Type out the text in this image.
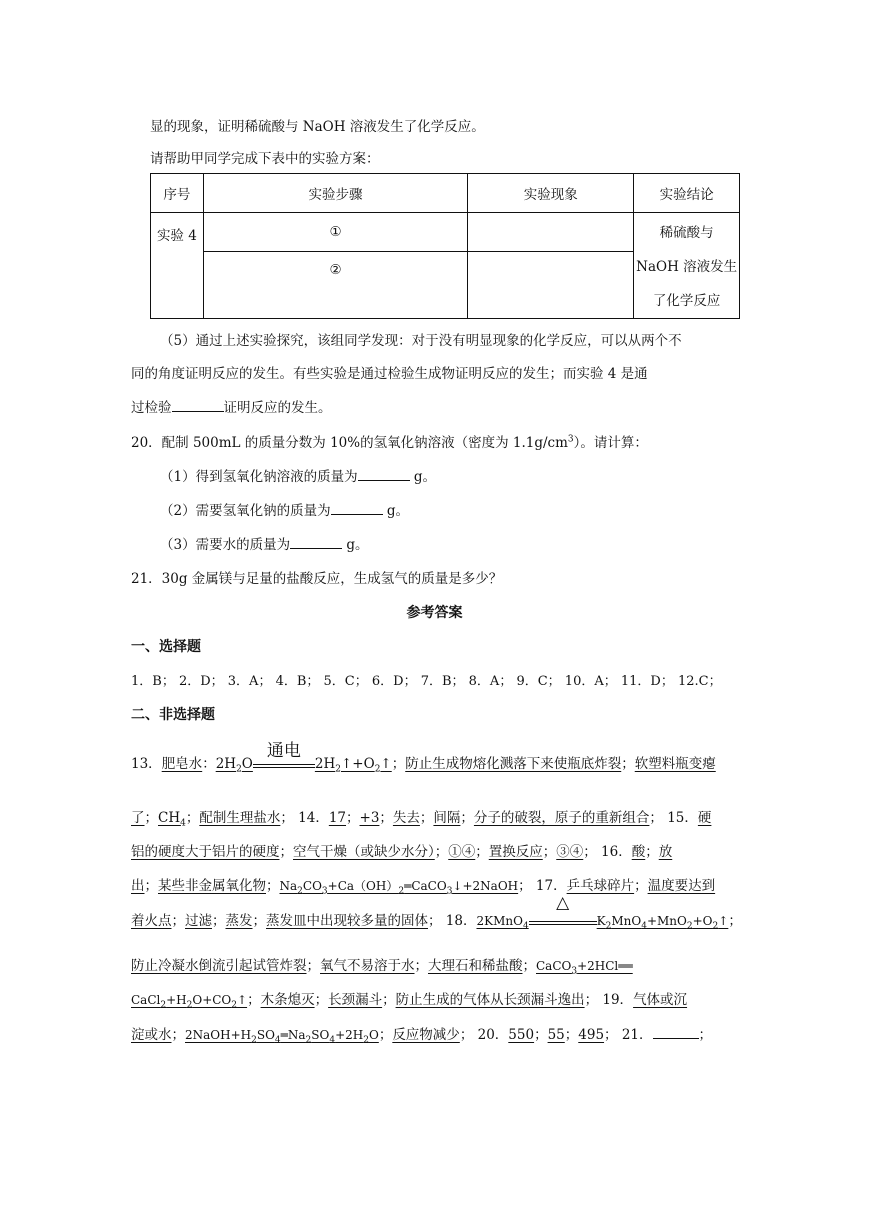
显的现象，证明稀硫酸与 NaOH 溶液发生了化学反应。
请帮助甲同学完成下表中的实验方案：
序号	实验步骤	实验现象	实验结论
实验 4	①		稀硫酸与
NaOH 溶液发生
了化学反应

	②		
（5）通过上述实验探究，该组同学发现：对于没有明显现象的化学反应，可以从两个不
同的角度证明反应的发生。有些实验是通过检验生成物证明反应的发生；而实验 4 是通
过检验	证明反应的发生。
20．配制 500mL 的质量分数为 10%的氢氧化钠溶液（密度为 $1.1g/cm^3$）。请计算：
（1）得到氢氧化钠溶液的质量为	g。
（2）需要氢氧化钠的质量为	g。
（3）需要水的质量为	g。
21．30g 金属镁与足量的盐酸反应，生成氢气的质量是多少？
参考答案
一、选择题
1．B； 2．D； 3．A； 4．B； 5．C； 6．D； 7．B； 8．A； 9．C； 10．A； 11．D； 12.C；
二、非选择题
13．肥皂水：$2H_2O$
通电
$2H_2↑+O_2↑$；防止生成物熔化溅落下来使瓶底炸裂；软塑料瓶变瘪
了；$CH_4$；配制生理盐水； 14．17；+3；失去；间隔；分子的破裂，原子的重新组合； 15．硬
铝的硬度大于铝片的硬度；空气干燥（或缺少水分）；①④；置换反应；③④； 16．酸；放
出；某些非金属氧化物；$Na_2CO_3+Ca(OH)_2═CaCO_3↓+2NaOH$； 17．乒乓球碎片；温度要达到
着火点；过滤；蒸发；蒸发皿中出现较多量的固体； 18．2KMnO$_4$
△
$K_2MnO_4+MnO_2+O_2↑$；
防止冷凝水倒流引起试管炸裂；氧气不易溶于水；大理石和稀盐酸；CaCO$_3$+2HCl══
$CaCl_2+H_2O+CO_2↑$；木条熄灭；长颈漏斗；防止生成的气体从长颈漏斗逸出； 19．气体或沉
淀或水；$2NaOH+H_2SO_4═Na_2SO_4+2H_2O$；反应物减少； 20．550；55；495； 21．	；
